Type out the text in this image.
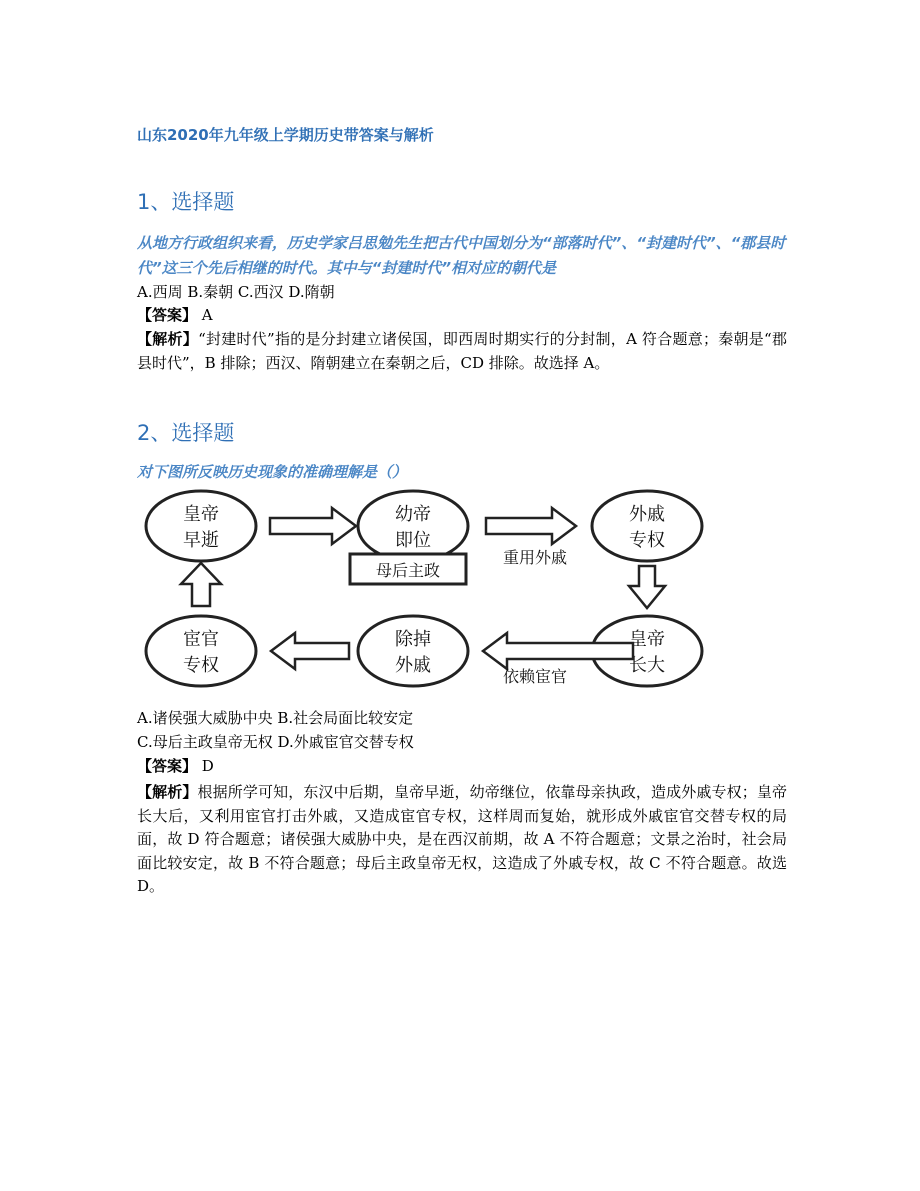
山东2020年九年级上学期历史带答案与解析
1、选择题

从地方行政组织来看，历史学家吕思勉先生把古代中国划分为“部落时代”、“封建时代”、“郡县时代”这三个先后相继的时代。其中与“封建时代”相对应的朝代是

A.西周 B.秦朝 C.西汉 D.隋朝

【答案】 A

【解析】“封建时代”指的是分封建立诸侯国，即西周时期实行的分封制，A 符合题意；秦朝是“郡县时代”，B 排除；西汉、隋朝建立在秦朝之后，CD 排除。故选择 A。

2、选择题

对下图所反映历史现象的准确理解是（）

皇帝
早逝
幼帝
即位
母后主政
外戚
专权
皇帝
长大
除掉
外戚
宦官
专权
重用外戚
依赖宦官

A.诸侯强大威胁中央 B.社会局面比较安定

C.母后主政皇帝无权 D.外戚宦官交替专权

【答案】 D

【解析】根据所学可知，东汉中后期，皇帝早逝，幼帝继位，依靠母亲执政，造成外戚专权；皇帝长大后，又利用宦官打击外戚，又造成宦官专权，这样周而复始，就形成外戚宦官交替专权的局面，故 D 符合题意；诸侯强大威胁中央，是在西汉前期，故 A 不符合题意；文景之治时，社会局面比较安定，故 B 不符合题意；母后主政皇帝无权，这造成了外戚专权，故 C 不符合题意。故选 D。
